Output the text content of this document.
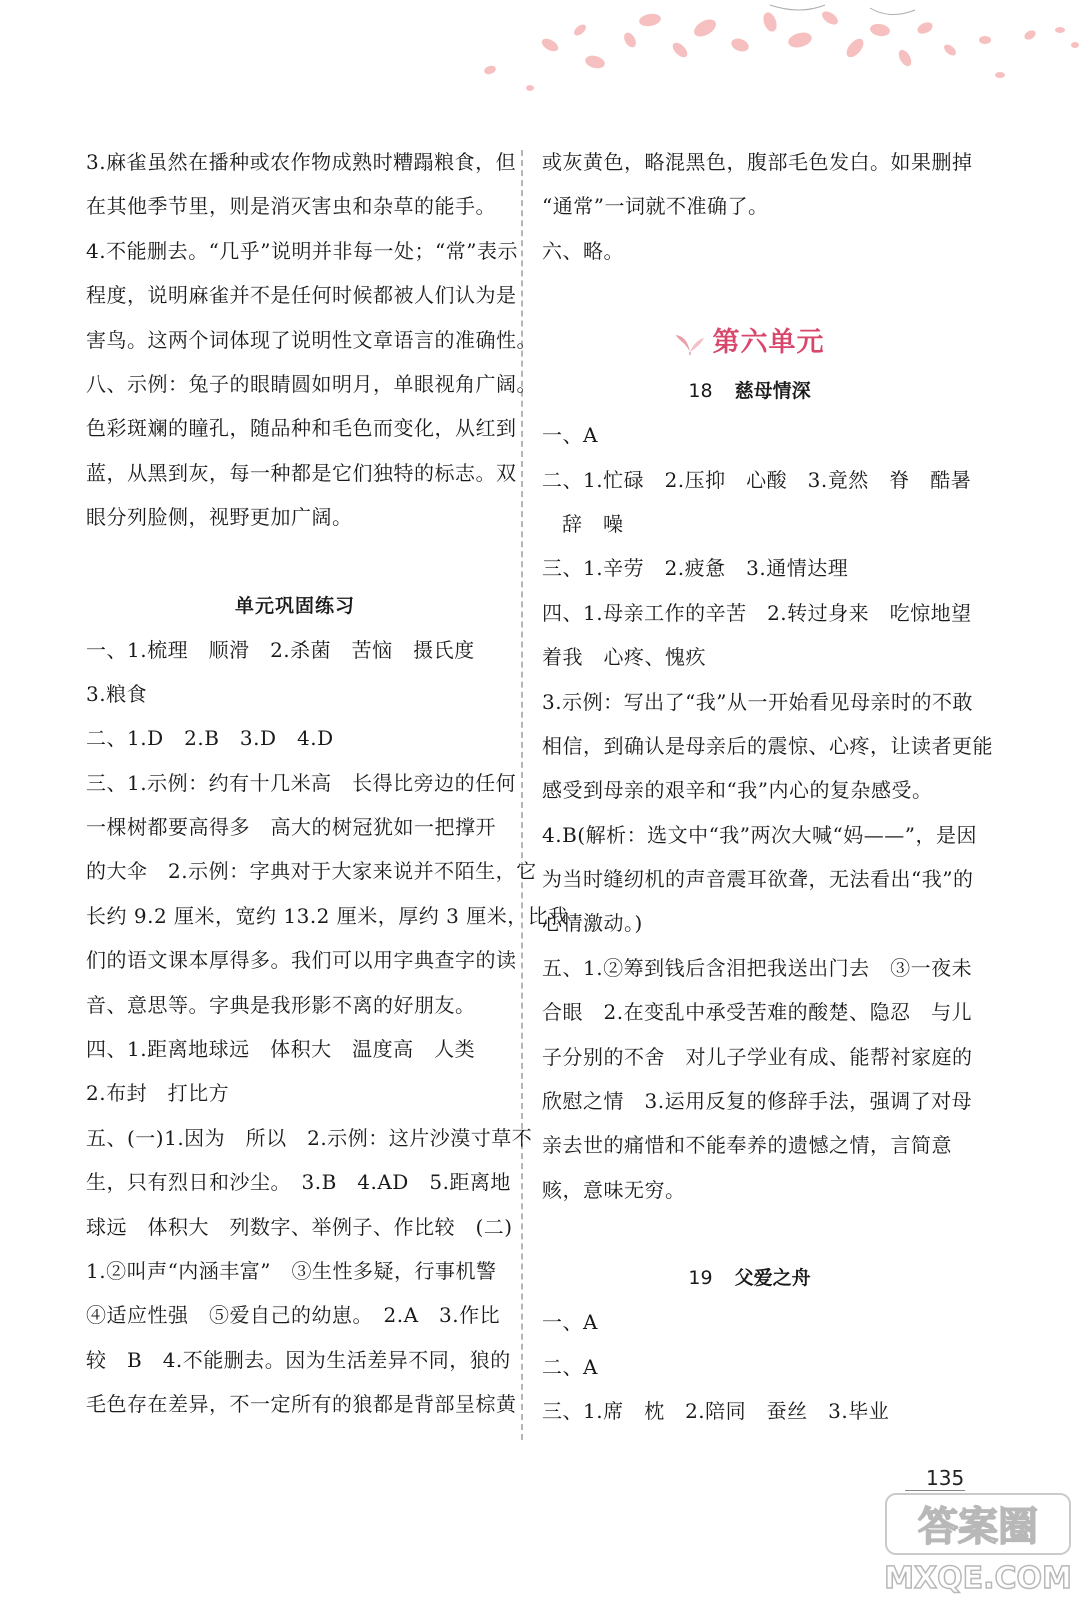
3.麻雀虽然在播种或农作物成熟时糟蹋粮食，但
在其他季节里，则是消灭害虫和杂草的能手。
4.不能删去。“几乎”说明并非每一处；“常”表示
程度，说明麻雀并不是任何时候都被人们认为是
害鸟。这两个词体现了说明性文章语言的准确性。
八、示例：兔子的眼睛圆如明月，单眼视角广阔。
色彩斑斓的瞳孔，随品种和毛色而变化，从红到
蓝，从黑到灰，每一种都是它们独特的标志。双
眼分列脸侧，视野更加广阔。
单元巩固练习
一、1.梳理　顺滑　2.杀菌　苦恼　摄氏度
3.粮食
二、1.D　2.B　3.D　4.D
三、1.示例：约有十几米高　长得比旁边的任何
一棵树都要高得多　高大的树冠犹如一把撑开
的大伞　2.示例：字典对于大家来说并不陌生，它
长约 9.2 厘米，宽约 13.2 厘米，厚约 3 厘米，比我
们的语文课本厚得多。我们可以用字典查字的读
音、意思等。字典是我形影不离的好朋友。
四、1.距离地球远　体积大　温度高　人类
2.布封　打比方
五、(一)1.因为　所以　2.示例：这片沙漠寸草不
生，只有烈日和沙尘。　3.B　4.AD　5.距离地
球远　体积大　列数字、举例子、作比较　(二)
1.②叫声“内涵丰富”　③生性多疑，行事机警
④适应性强　⑤爱自己的幼崽。　2.A　3.作比
较　B　4.不能删去。因为生活差异不同，狼的
毛色存在差异，不一定所有的狼都是背部呈棕黄
或灰黄色，略混黑色，腹部毛色发白。如果删掉
“通常”一词就不准确了。
六、略。
第六单元
18 慈母情深
一、A
二、1.忙碌　2.压抑　心酸　3.竟然　脊　酷暑
辞　噪
三、1.辛劳　2.疲惫　3.通情达理
四、1.母亲工作的辛苦　2.转过身来　吃惊地望
着我　心疼、愧疚
3.示例：写出了“我”从一开始看见母亲时的不敢
相信，到确认是母亲后的震惊、心疼，让读者更能
感受到母亲的艰辛和“我”内心的复杂感受。
4.B(解析：选文中“我”两次大喊“妈——”，是因
为当时缝纫机的声音震耳欲聋，无法看出“我”的
心情激动。)
五、1.②筹到钱后含泪把我送出门去　③一夜未
合眼　2.在变乱中承受苦难的酸楚、隐忍　与儿
子分别的不舍　对儿子学业有成、能帮衬家庭的
欣慰之情　3.运用反复的修辞手法，强调了对母
亲去世的痛惜和不能奉养的遗憾之情，言简意
赅，意味无穷。
19 父爱之舟
一、A
二、A
三、1.席　枕　2.陪同　蚕丝　3.毕业
135
答案圈
MXQE.COM
